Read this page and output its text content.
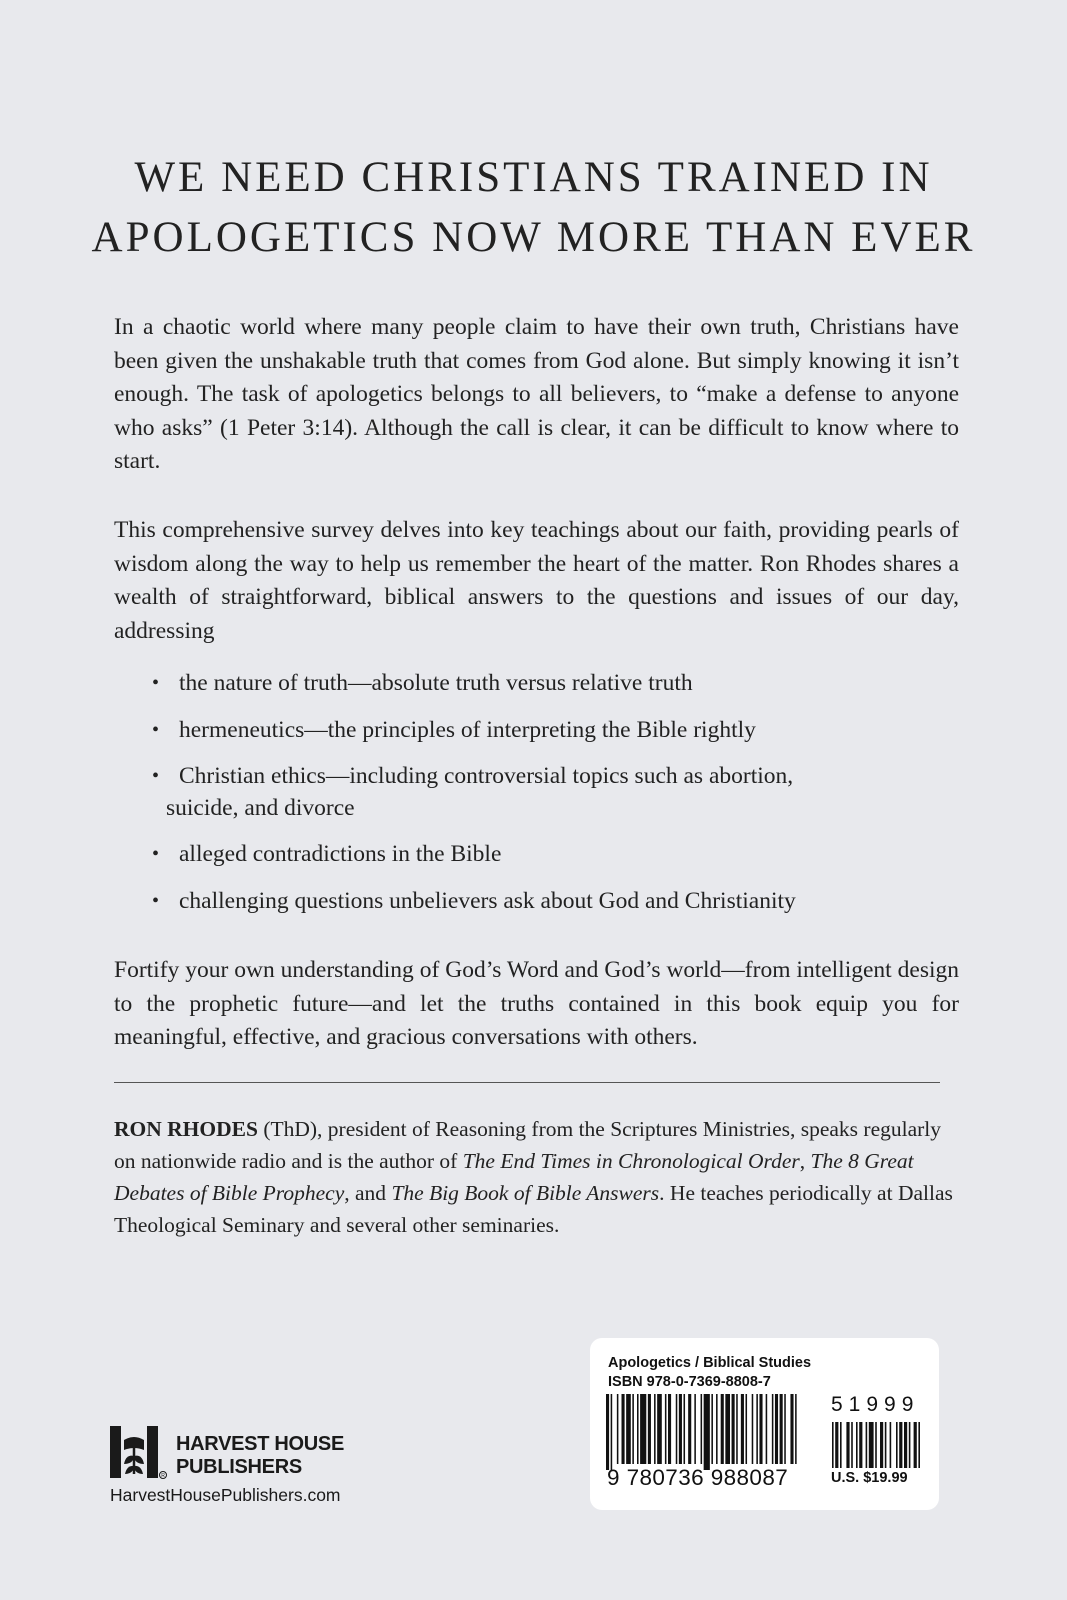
WE NEED CHRISTIANS TRAINED IN
APOLOGETICS NOW MORE THAN EVER

In a chaotic world where many people claim to have their own truth, Christians have been given the unshakable truth that comes from God alone. But simply knowing it isn’t enough. The task of apologetics belongs to all believers, to “make a defense to anyone who asks” (1 Peter 3:14). Although the call is clear, it can be difficult to know where to start.

This comprehensive survey delves into key teachings about our faith, providing pearls of wisdom along the way to help us remember the heart of the matter. Ron Rhodes shares a wealth of straightforward, biblical answers to the questions and issues of our day, addressing

• the nature of truth—absolute truth versus relative truth
• hermeneutics—the principles of interpreting the Bible rightly
• Christian ethics—including controversial topics such as abortion, suicide, and divorce
• alleged contradictions in the Bible
• challenging questions unbelievers ask about God and Christianity

Fortify your own understanding of God’s Word and God’s world—from intelligent design to the prophetic future—and let the truths contained in this book equip you for meaningful, effective, and gracious conversations with others.

RON RHODES (ThD), president of Reasoning from the Scriptures Ministries, speaks regularly on nationwide radio and is the author of The End Times in Chronological Order, The 8 Great Debates of Bible Prophecy, and The Big Book of Bible Answers. He teaches periodically at Dallas Theological Seminary and several other seminaries.

R
HARVEST HOUSE
PUBLISHERS
HarvestHousePublishers.com
Apologetics / Biblical Studies
ISBN 978-0-7369-8808-7
9 780736 988087
51999
U.S. $19.99
